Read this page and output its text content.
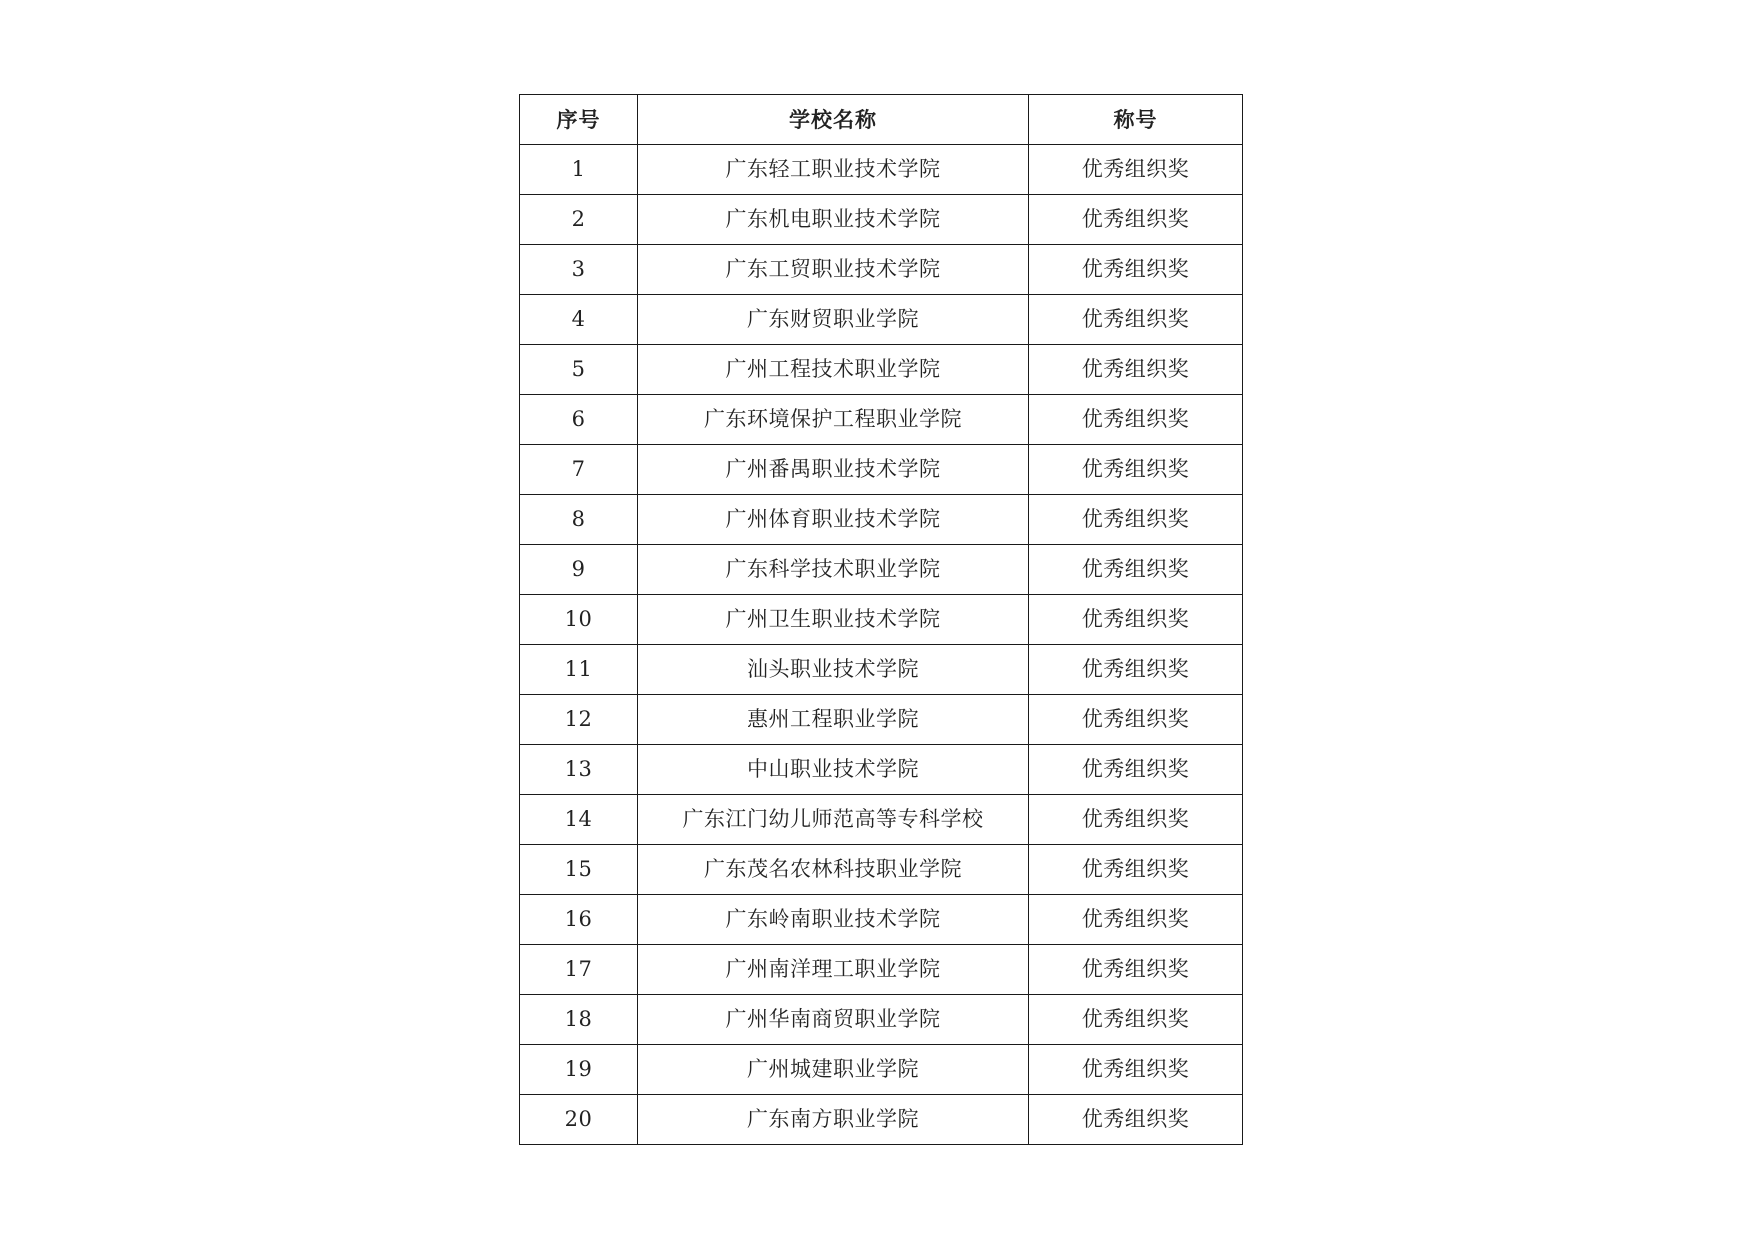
序号	学校名称	称号
1	广东轻工职业技术学院	优秀组织奖
2	广东机电职业技术学院	优秀组织奖
3	广东工贸职业技术学院	优秀组织奖
4	广东财贸职业学院	优秀组织奖
5	广州工程技术职业学院	优秀组织奖
6	广东环境保护工程职业学院	优秀组织奖
7	广州番禺职业技术学院	优秀组织奖
8	广州体育职业技术学院	优秀组织奖
9	广东科学技术职业学院	优秀组织奖
10	广州卫生职业技术学院	优秀组织奖
11	汕头职业技术学院	优秀组织奖
12	惠州工程职业学院	优秀组织奖
13	中山职业技术学院	优秀组织奖
14	广东江门幼儿师范高等专科学校	优秀组织奖
15	广东茂名农林科技职业学院	优秀组织奖
16	广东岭南职业技术学院	优秀组织奖
17	广州南洋理工职业学院	优秀组织奖
18	广州华南商贸职业学院	优秀组织奖
19	广州城建职业学院	优秀组织奖
20	广东南方职业学院	优秀组织奖
